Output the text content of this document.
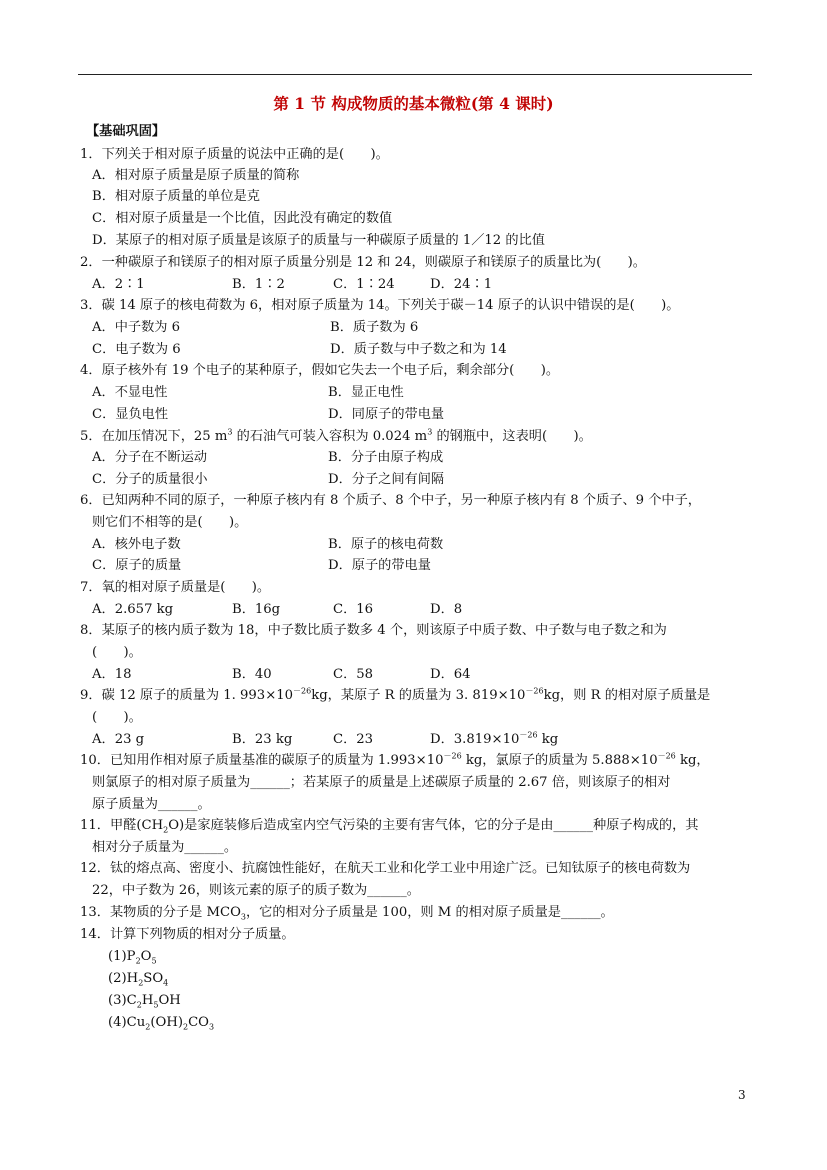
第 1 节 构成物质的基本微粒(第 4 课时)
【基础巩固】
1．下列关于相对原子质量的说法中正确的是(　　)。
A．相对原子质量是原子质量的简称
B．相对原子质量的单位是克
C．相对原子质量是一个比值，因此没有确定的数值
D．某原子的相对原子质量是该原子的质量与一种碳原子质量的 1／12 的比值
2．一种碳原子和镁原子的相对原子质量分别是 12 和 24，则碳原子和镁原子的质量比为(　　)。
A．2∶1	B．1∶2	C．1∶24	D．24∶1
3．碳 14 原子的核电荷数为 6，相对原子质量为 14。下列关于碳－14 原子的认识中错误的是(　　)。
A．中子数为 6	B．质子数为 6
C．电子数为 6	D．质子数与中子数之和为 14
4．原子核外有 19 个电子的某种原子，假如它失去一个电子后，剩余部分(　　)。
A．不显电性	B．显正电性
C．显负电性	D．同原子的带电量
5．在加压情况下，25 $m^3$ 的石油气可装入容积为 0.024 $m^3$ 的钢瓶中，这表明(　　)。
A．分子在不断运动	B．分子由原子构成
C．分子的质量很小	D．分子之间有间隔
6．已知两种不同的原子，一种原子核内有 8 个质子、8 个中子，另一种原子核内有 8 个质子、9 个中子，
则它们不相等的是(　　)。
A．核外电子数	B．原子的核电荷数
C．原子的质量	D．原子的带电量
7．氧的相对原子质量是(　　)。
A．2.657 kg	B．16g	C．16	D．8
8．某原子的核内质子数为 18，中子数比质子数多 4 个，则该原子中质子数、中子数与电子数之和为
(　　)。
A．18	B．40	C．58	D．64
9．碳 12 原子的质量为 1. $993\times 10^{-26}kg$，某原子 R 的质量为 3. $819\times 10^{-26}kg$，则 R 的相对原子质量是
(　　)。
A．23 g	B．23 kg	C．23	D．$3.819\times 10^{-26}$ kg
10．已知用作相对原子质量基准的碳原子的质量为 $1.993\times 10^{-26}$ kg，氯原子的质量为 $5.888\times 10^{-26}$ kg，
则氯原子的相对原子质量为______；若某原子的质量是上述碳原子质量的 2.67 倍，则该原子的相对
原子质量为______。
11．甲醛$(CH_2O)$是家庭装修后造成室内空气污染的主要有害气体，它的分子是由______种原子构成的，其
相对分子质量为______。
12．钛的熔点高、密度小、抗腐蚀性能好，在航天工业和化学工业中用途广泛。已知钛原子的核电荷数为
22，中子数为 26，则该元素的原子的质子数为______。
13．某物质的分子是 $MCO_3$，它的相对分子质量是 100，则 M 的相对原子质量是______。
14．计算下列物质的相对分子质量。
$(1)P_2O_5$
$(2)H_2SO_4$
$(3)C_2H_5OH$
$(4)Cu_2(OH)_2CO_3$
3
